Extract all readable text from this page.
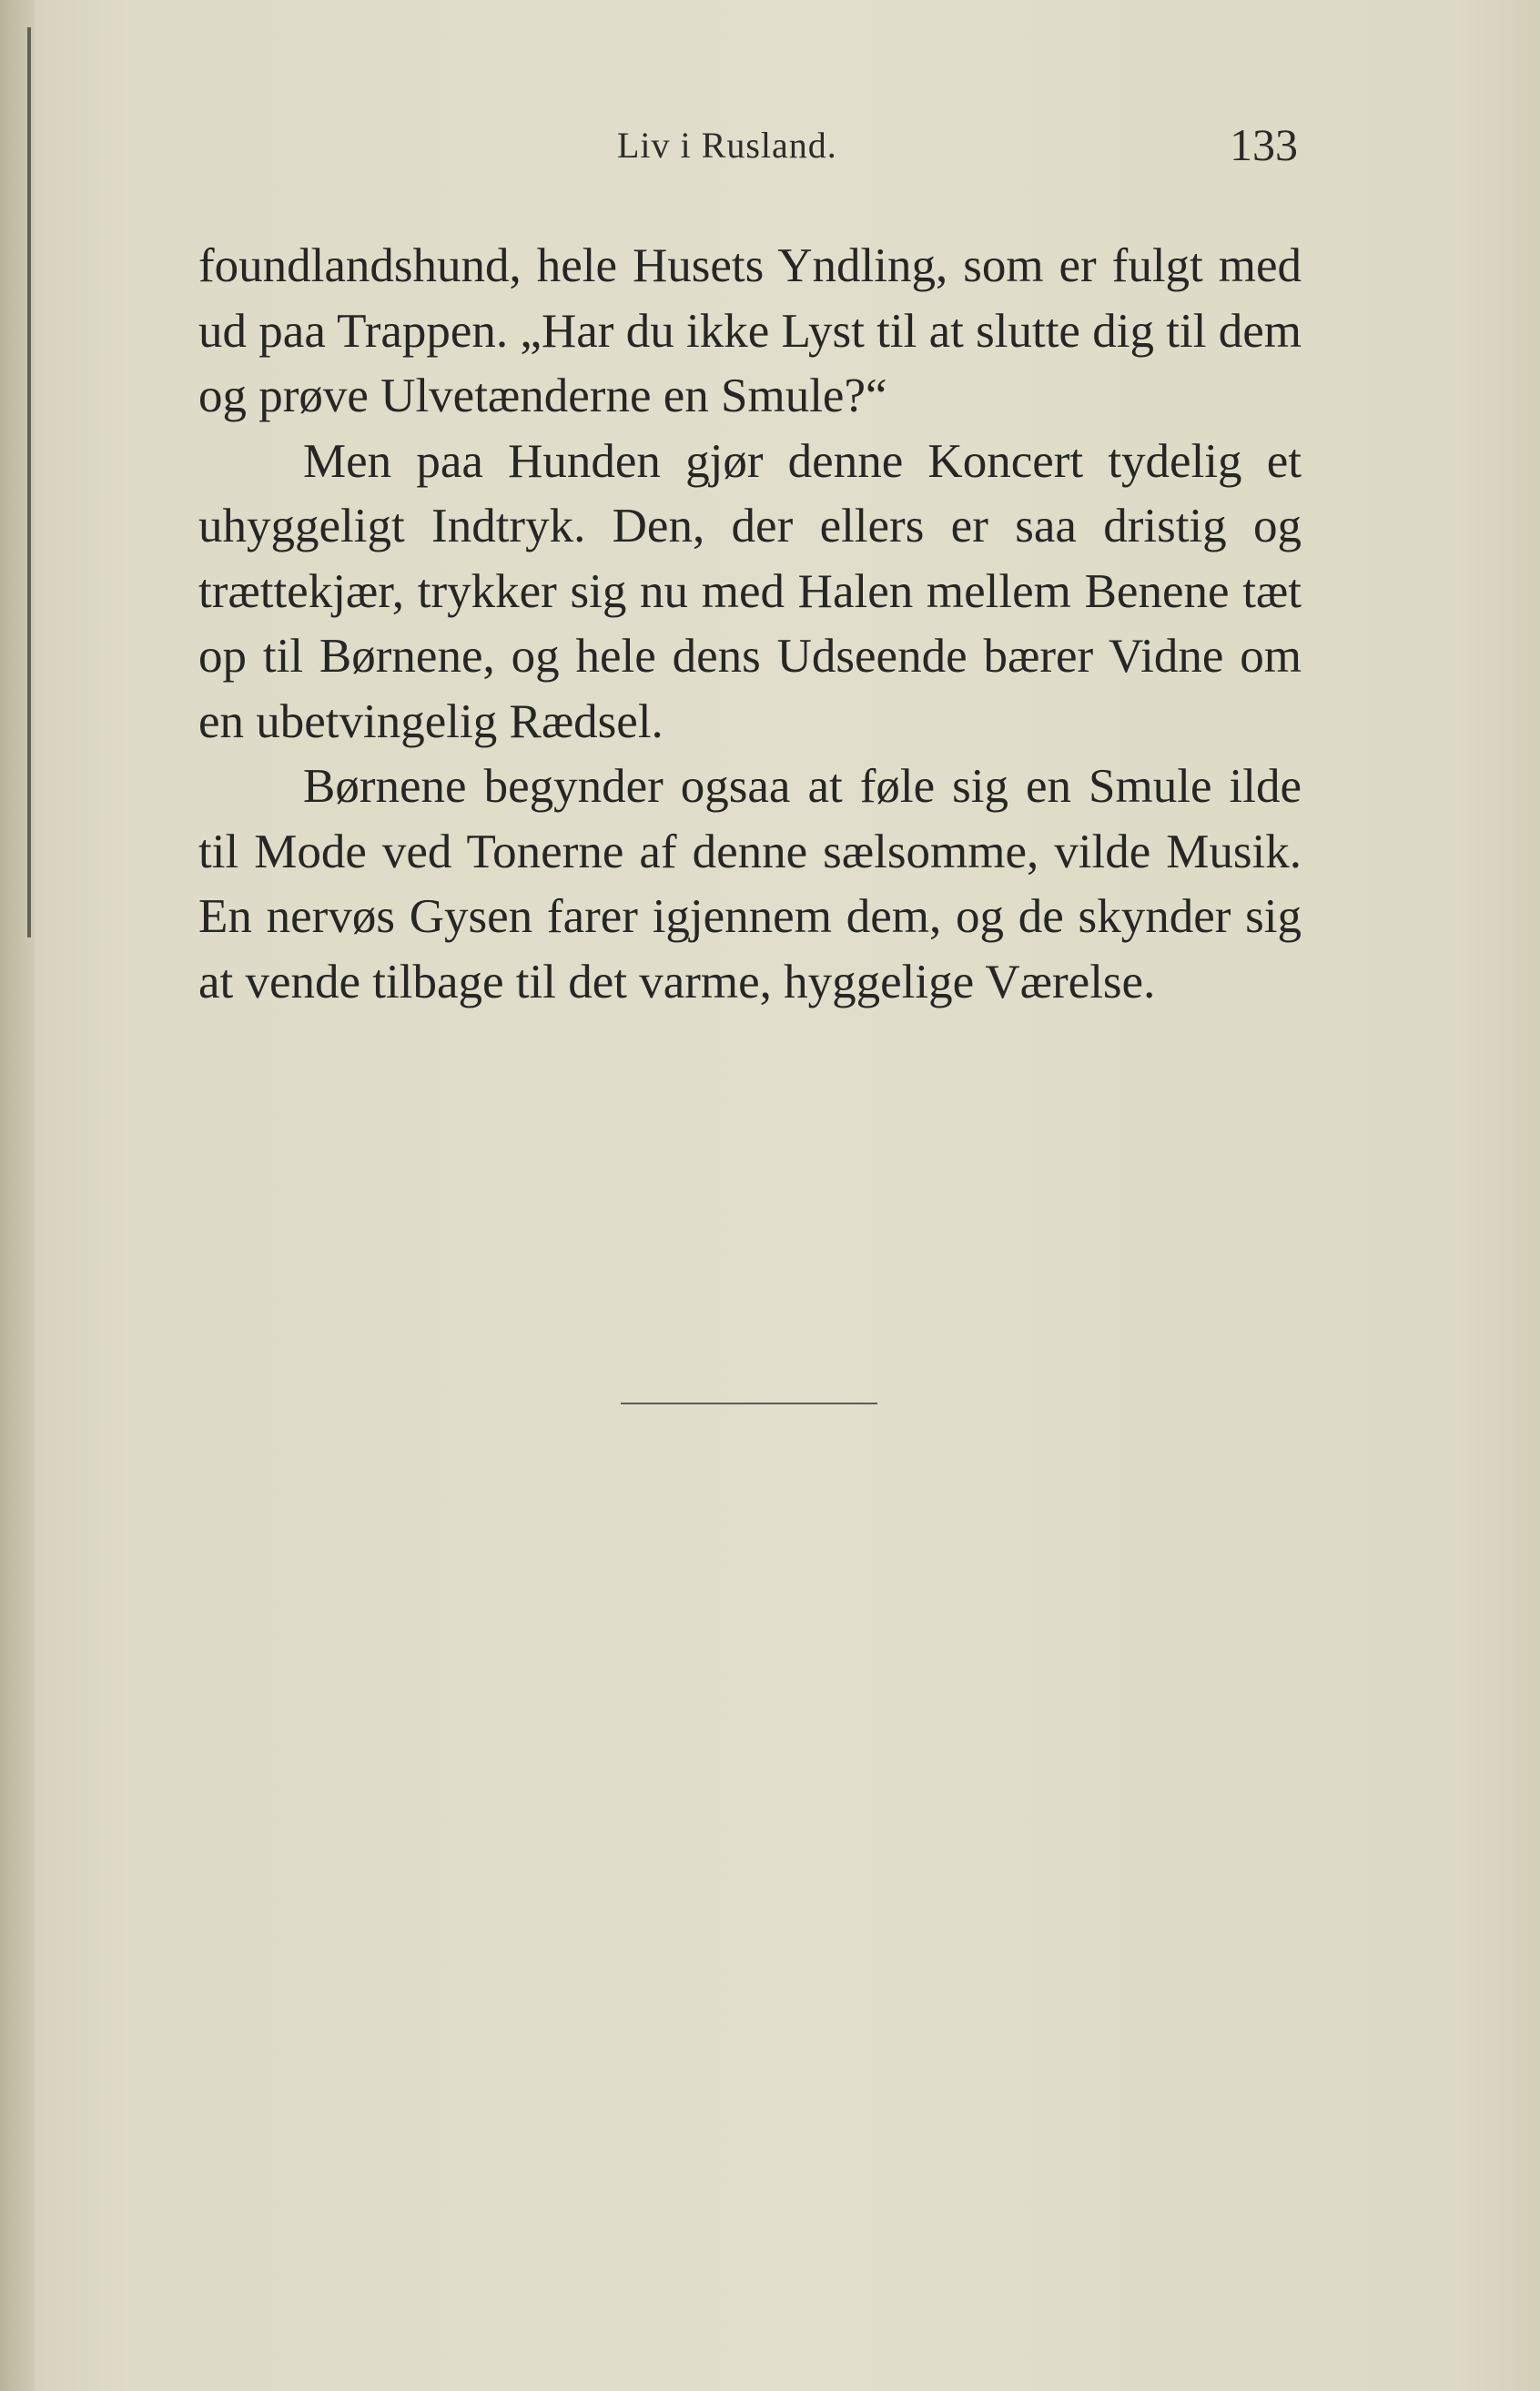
Liv i Rusland.	133

foundlandshund, hele Husets Yndling, som er fulgt med ud paa Trappen. „Har du ikke Lyst til at slutte dig til dem og prøve Ulvetænderne en Smule?“

Men paa Hunden gjør denne Koncert tydelig et uhyggeligt Indtryk. Den, der ellers er saa dristig og trættekjær, trykker sig nu med Halen mellem Benene tæt op til Børnene, og hele dens Udseende bærer Vidne om en ubetvingelig Rædsel.

Børnene begynder ogsaa at føle sig en Smule ilde til Mode ved Tonerne af denne sælsomme, vilde Musik. En nervøs Gysen farer igjennem dem, og de skynder sig at vende tilbage til det varme, hyggelige Værelse.
